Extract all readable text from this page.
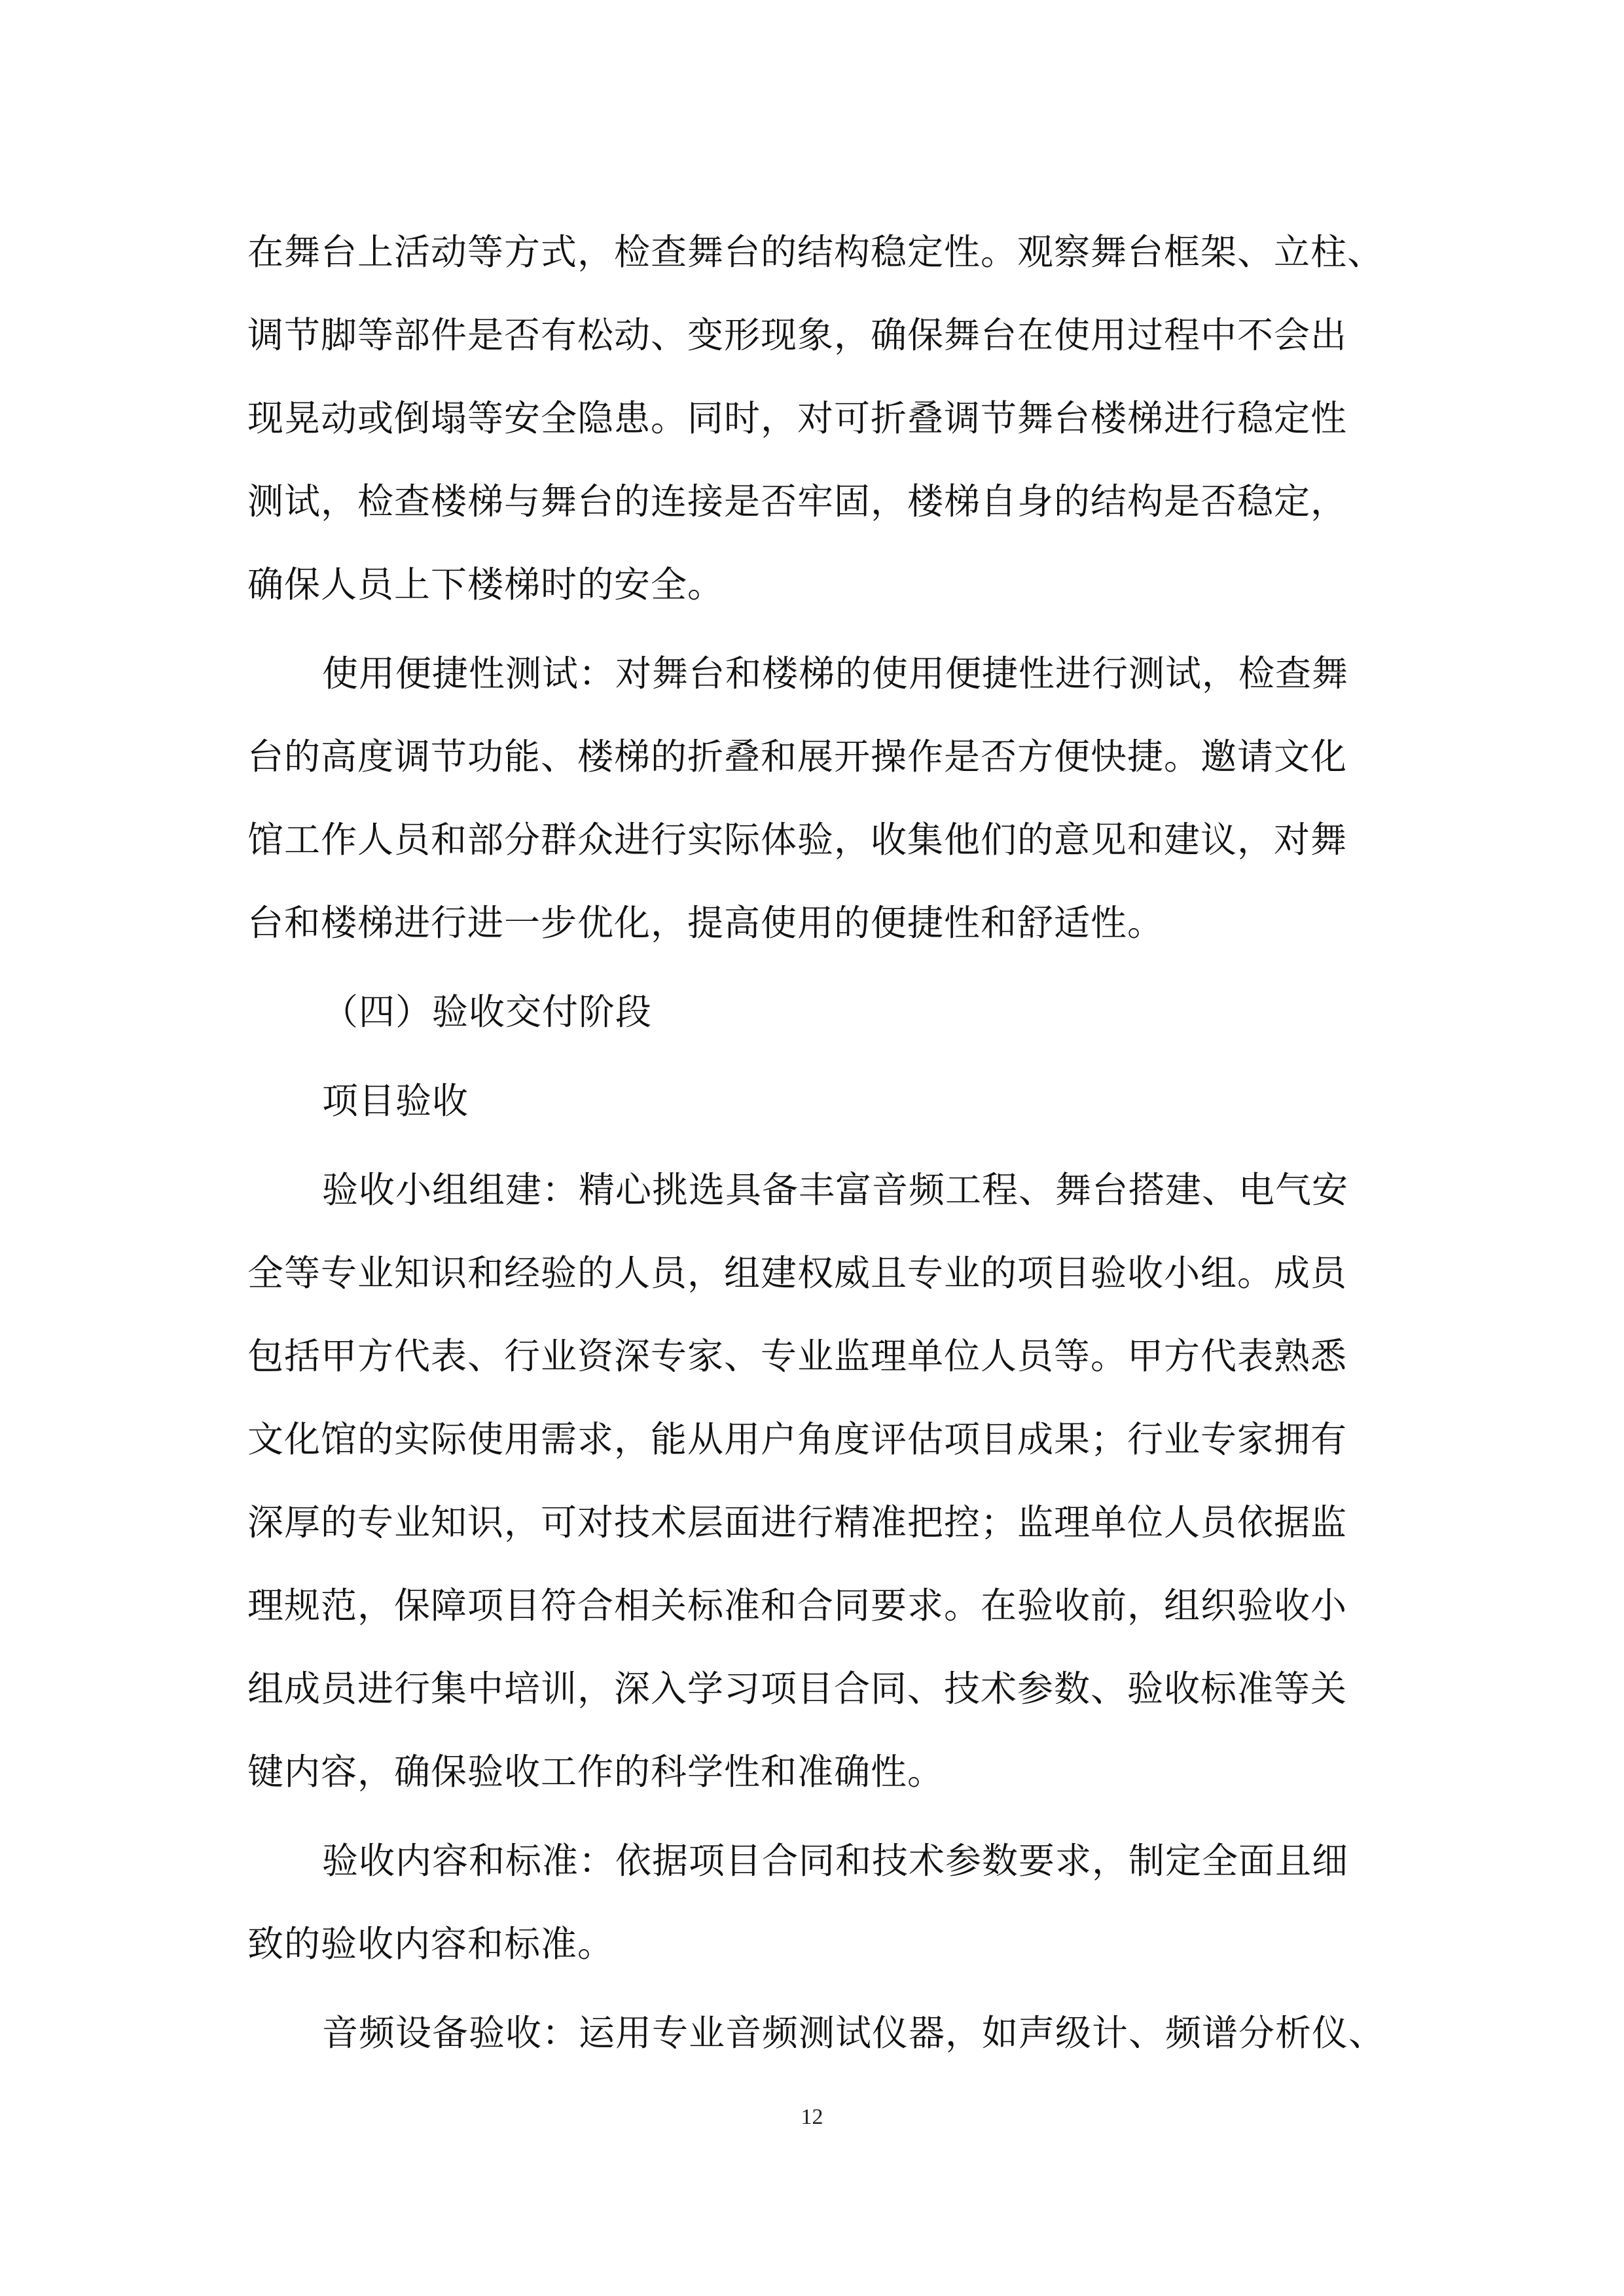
在舞台上活动等方式，检查舞台的结构稳定性。观察舞台框架、立柱、
调节脚等部件是否有松动、变形现象，确保舞台在使用过程中不会出
现晃动或倒塌等安全隐患。同时，对可折叠调节舞台楼梯进行稳定性
测试，检查楼梯与舞台的连接是否牢固，楼梯自身的结构是否稳定，
确保人员上下楼梯时的安全。
使用便捷性测试：对舞台和楼梯的使用便捷性进行测试，检查舞
台的高度调节功能、楼梯的折叠和展开操作是否方便快捷。邀请文化
馆工作人员和部分群众进行实际体验，收集他们的意见和建议，对舞
台和楼梯进行进一步优化，提高使用的便捷性和舒适性。
（四）验收交付阶段
项目验收
验收小组组建：精心挑选具备丰富音频工程、舞台搭建、电气安
全等专业知识和经验的人员，组建权威且专业的项目验收小组。成员
包括甲方代表、行业资深专家、专业监理单位人员等。甲方代表熟悉
文化馆的实际使用需求，能从用户角度评估项目成果；行业专家拥有
深厚的专业知识，可对技术层面进行精准把控；监理单位人员依据监
理规范，保障项目符合相关标准和合同要求。在验收前，组织验收小
组成员进行集中培训，深入学习项目合同、技术参数、验收标准等关
键内容，确保验收工作的科学性和准确性。
验收内容和标准：依据项目合同和技术参数要求，制定全面且细
致的验收内容和标准。
音频设备验收：运用专业音频测试仪器，如声级计、频谱分析仪、
12
